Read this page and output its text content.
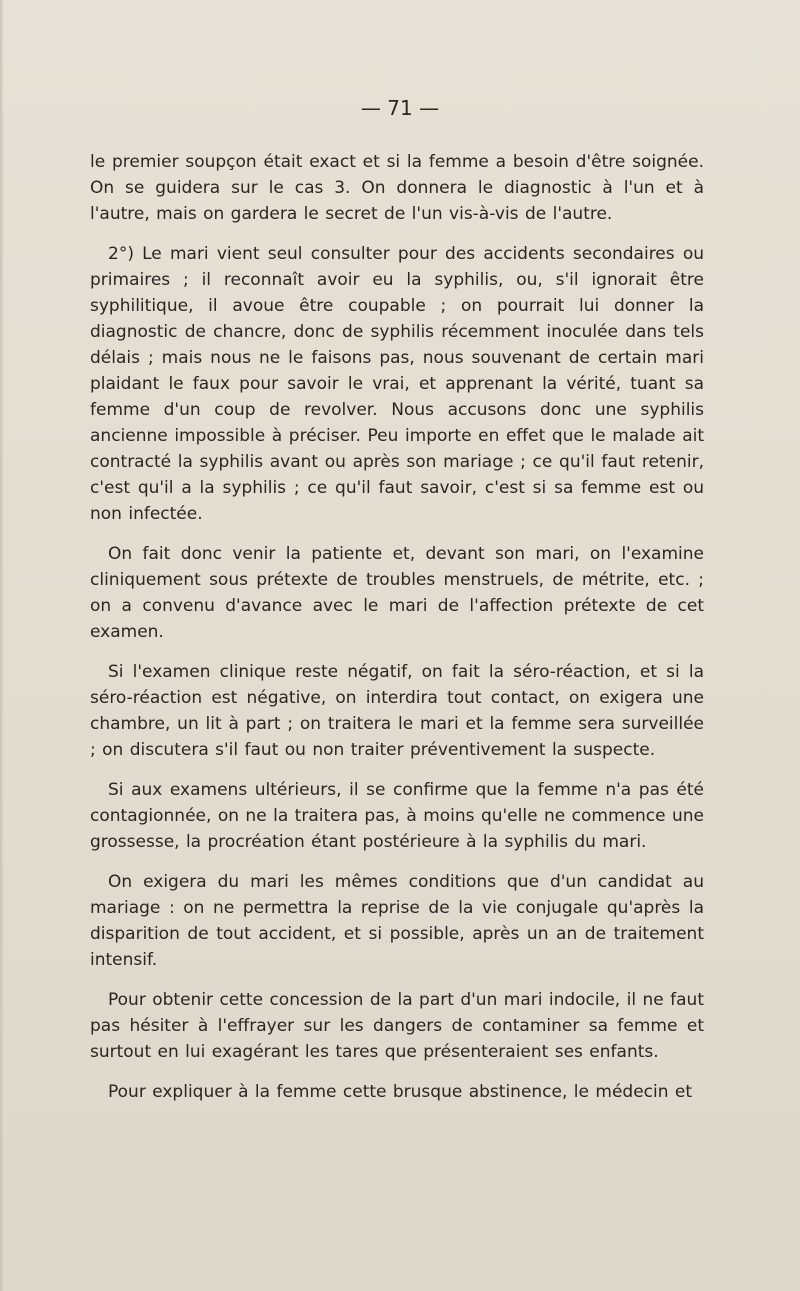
— 71 —

le premier soupçon était exact et si la femme a besoin d'être soignée. On se guidera sur le cas 3. On donnera le diagnostic à l'un et à l'autre, mais on gardera le secret de l'un vis-à-vis de l'autre.

2°) Le mari vient seul consulter pour des accidents secondaires ou primaires ; il reconnaît avoir eu la syphilis, ou, s'il ignorait être syphilitique, il avoue être coupable ; on pourrait lui donner la diagnostic de chancre, donc de syphilis récemment inoculée dans tels délais ; mais nous ne le faisons pas, nous souvenant de certain mari plaidant le faux pour savoir le vrai, et apprenant la vérité, tuant sa femme d'un coup de revolver. Nous accusons donc une syphilis ancienne impossible à préciser. Peu importe en effet que le malade ait contracté la syphilis avant ou après son mariage ; ce qu'il faut retenir, c'est qu'il a la syphilis ; ce qu'il faut savoir, c'est si sa femme est ou non infectée.

On fait donc venir la patiente et, devant son mari, on l'examine cliniquement sous prétexte de troubles menstruels, de métrite, etc. ; on a convenu d'avance avec le mari de l'affection prétexte de cet examen.

Si l'examen clinique reste négatif, on fait la séro-réaction, et si la séro-réaction est négative, on interdira tout contact, on exigera une chambre, un lit à part ; on traitera le mari et la femme sera surveillée ; on discutera s'il faut ou non traiter préventivement la suspecte.

Si aux examens ultérieurs, il se confirme que la femme n'a pas été contagionnée, on ne la traitera pas, à moins qu'elle ne commence une grossesse, la procréation étant postérieure à la syphilis du mari.

On exigera du mari les mêmes conditions que d'un candidat au mariage : on ne permettra la reprise de la vie conjugale qu'après la disparition de tout accident, et si possible, après un an de traitement intensif.

Pour obtenir cette concession de la part d'un mari indocile, il ne faut pas hésiter à l'effrayer sur les dangers de contaminer sa femme et surtout en lui exagérant les tares que présenteraient ses enfants.

Pour expliquer à la femme cette brusque abstinence, le médecin et
